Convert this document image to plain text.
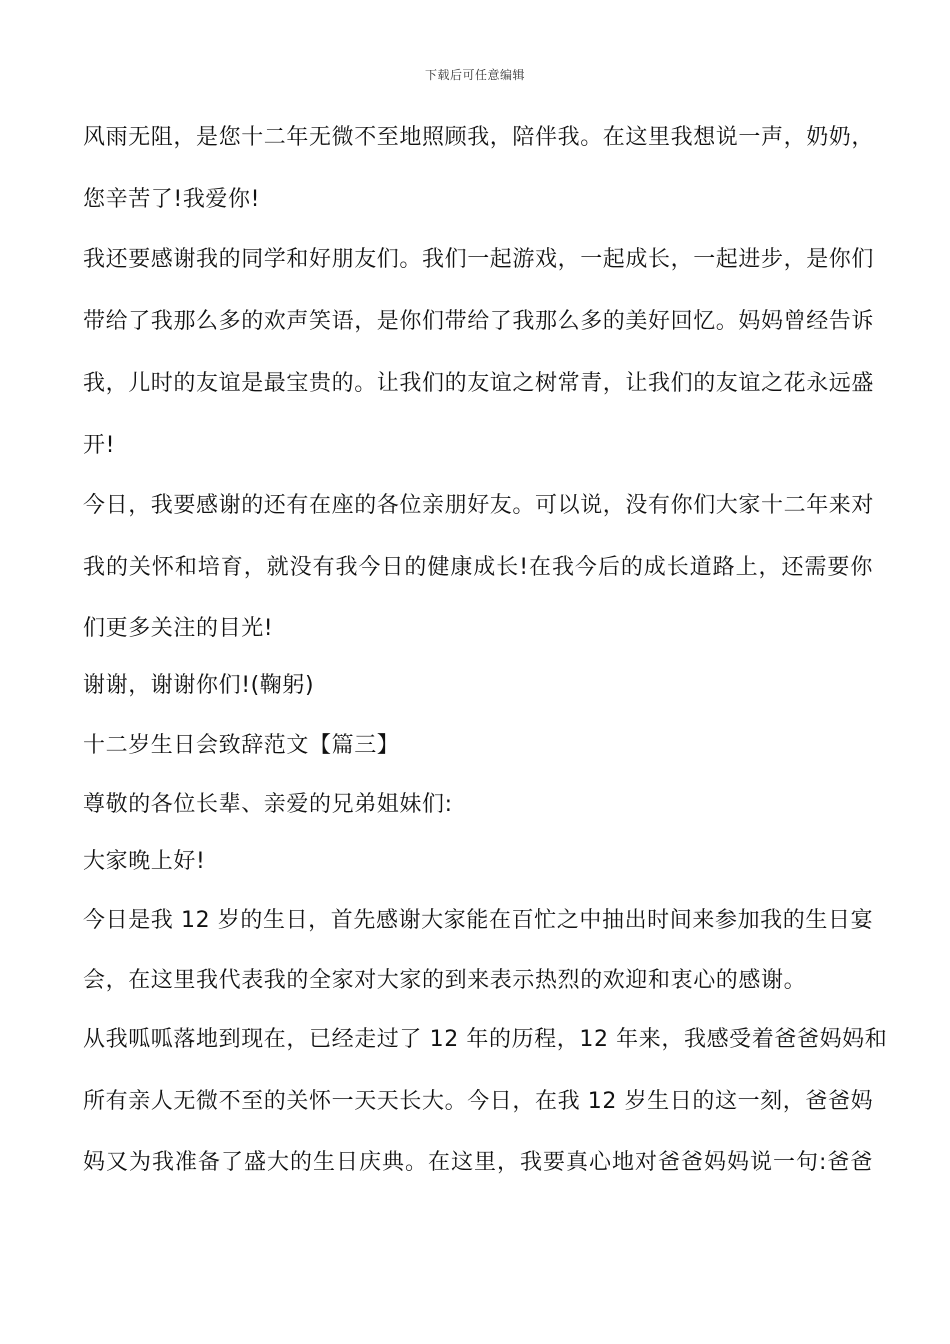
下载后可任意编辑
风雨无阻，是您十二年无微不至地照顾我，陪伴我。在这里我想说一声，奶奶，
您辛苦了!我爱你!
我还要感谢我的同学和好朋友们。我们一起游戏，一起成长，一起进步，是你们
带给了我那么多的欢声笑语，是你们带给了我那么多的美好回忆。妈妈曾经告诉
我，儿时的友谊是最宝贵的。让我们的友谊之树常青，让我们的友谊之花永远盛
开!
今日，我要感谢的还有在座的各位亲朋好友。可以说，没有你们大家十二年来对
我的关怀和培育，就没有我今日的健康成长!在我今后的成长道路上，还需要你
们更多关注的目光!
谢谢，谢谢你们!(鞠躬)
十二岁生日会致辞范文【篇三】
尊敬的各位长辈、亲爱的兄弟姐妹们:
大家晚上好!
今日是我 12 岁的生日，首先感谢大家能在百忙之中抽出时间来参加我的生日宴
会，在这里我代表我的全家对大家的到来表示热烈的欢迎和衷心的感谢。
从我呱呱落地到现在，已经走过了 12 年的历程，12 年来，我感受着爸爸妈妈和
所有亲人无微不至的关怀一天天长大。今日，在我 12 岁生日的这一刻，爸爸妈
妈又为我准备了盛大的生日庆典。在这里，我要真心地对爸爸妈妈说一句:爸爸
